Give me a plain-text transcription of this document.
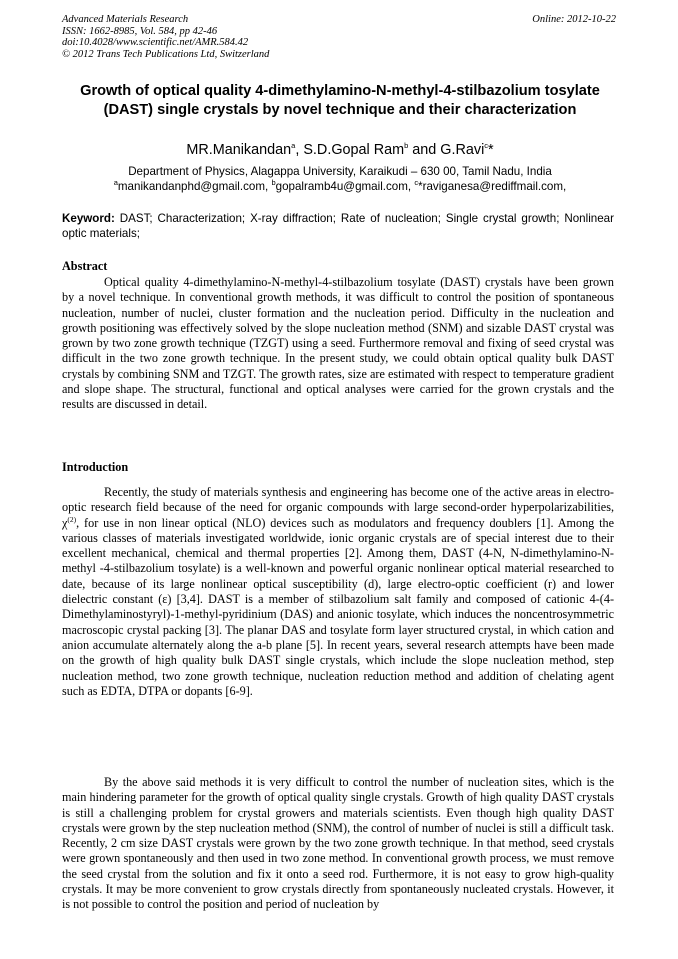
Advanced Materials Research
ISSN: 1662-8985, Vol. 584, pp 42-46
doi:10.4028/www.scientific.net/AMR.584.42
© 2012 Trans Tech Publications Ltd, Switzerland
Online: 2012-10-22
Growth of optical quality 4-dimethylamino-N-methyl-4-stilbazolium tosylate (DAST) single crystals by novel technique and their characterization
MR.Manikandan$^a$, S.D.Gopal Ram$^b$ and G.Ravi$^c$*
Department of Physics, Alagappa University, Karaikudi – 630 00, Tamil Nadu, India
$^a$manikandanphd@gmail.com, $^b$gopalramb4u@gmail.com, $^c$*raviganesa@rediffmail.com,
Keyword: DAST; Characterization; X-ray diffraction; Rate of nucleation; Single crystal growth; Nonlinear optic materials;
Abstract
Optical quality 4-dimethylamino-N-methyl-4-stilbazolium tosylate (DAST) crystals have been grown by a novel technique. In conventional growth methods, it was difficult to control the position of spontaneous nucleation, number of nuclei, cluster formation and the nucleation period. Difficulty in the nucleation and growth positioning was effectively solved by the slope nucleation method (SNM) and sizable DAST crystal was grown by two zone growth technique (TZGT) using a seed. Furthermore removal and fixing of seed crystal was difficult in the two zone growth technique. In the present study, we could obtain optical quality bulk DAST crystals by combining SNM and TZGT. The growth rates, size are estimated with respect to temperature gradient and slope shape. The structural, functional and optical analyses were carried for the grown crystals and the results are discussed in detail.
Introduction
Recently, the study of materials synthesis and engineering has become one of the active areas in electro-optic research field because of the need for organic compounds with large second-order hyperpolarizabilities, $\chi^{(2)}$, for use in non linear optical (NLO) devices such as modulators and frequency doublers [1]. Among the various classes of materials investigated worldwide, ionic organic crystals are of special interest due to their excellent mechanical, chemical and thermal properties [2]. Among them, DAST (4-N, N-dimethylamino-N-methyl -4-stilbazolium tosylate) is a well-known and powerful organic nonlinear optical material researched to date, because of its large nonlinear optical susceptibility (d), large electro-optic coefficient (r) and lower dielectric constant (ε) [3,4]. DAST is a member of stilbazolium salt family and composed of cationic 4-(4-Dimethylaminostyryl)-1-methyl-pyridinium (DAS) and anionic tosylate, which induces the noncentrosymmetric macroscopic crystal packing [3]. The planar DAS and tosylate form layer structured crystal, in which cation and anion accumulate alternately along the a-b plane [5]. In recent years, several research attempts have been made on the growth of high quality bulk DAST single crystals, which include the slope nucleation method, step nucleation method, two zone growth technique, nucleation reduction method and addition of chelating agent such as EDTA, DTPA or dopants [6-9].
By the above said methods it is very difficult to control the number of nucleation sites, which is the main hindering parameter for the growth of optical quality single crystals. Growth of high quality DAST crystals is still a challenging problem for crystal growers and materials scientists. Even though high quality DAST crystals were grown by the step nucleation method (SNM), the control of number of nuclei is still a difficult task. Recently, 2 cm size DAST crystals were grown by the two zone growth technique. In that method, seed crystals were grown spontaneously and then used in two zone method. In conventional growth process, we must remove the seed crystal from the solution and fix it onto a seed rod. Furthermore, it is not easy to grow high-quality crystals. It may be more convenient to grow crystals directly from spontaneously nucleated crystals. However, it is not possible to control the position and period of nucleation by
